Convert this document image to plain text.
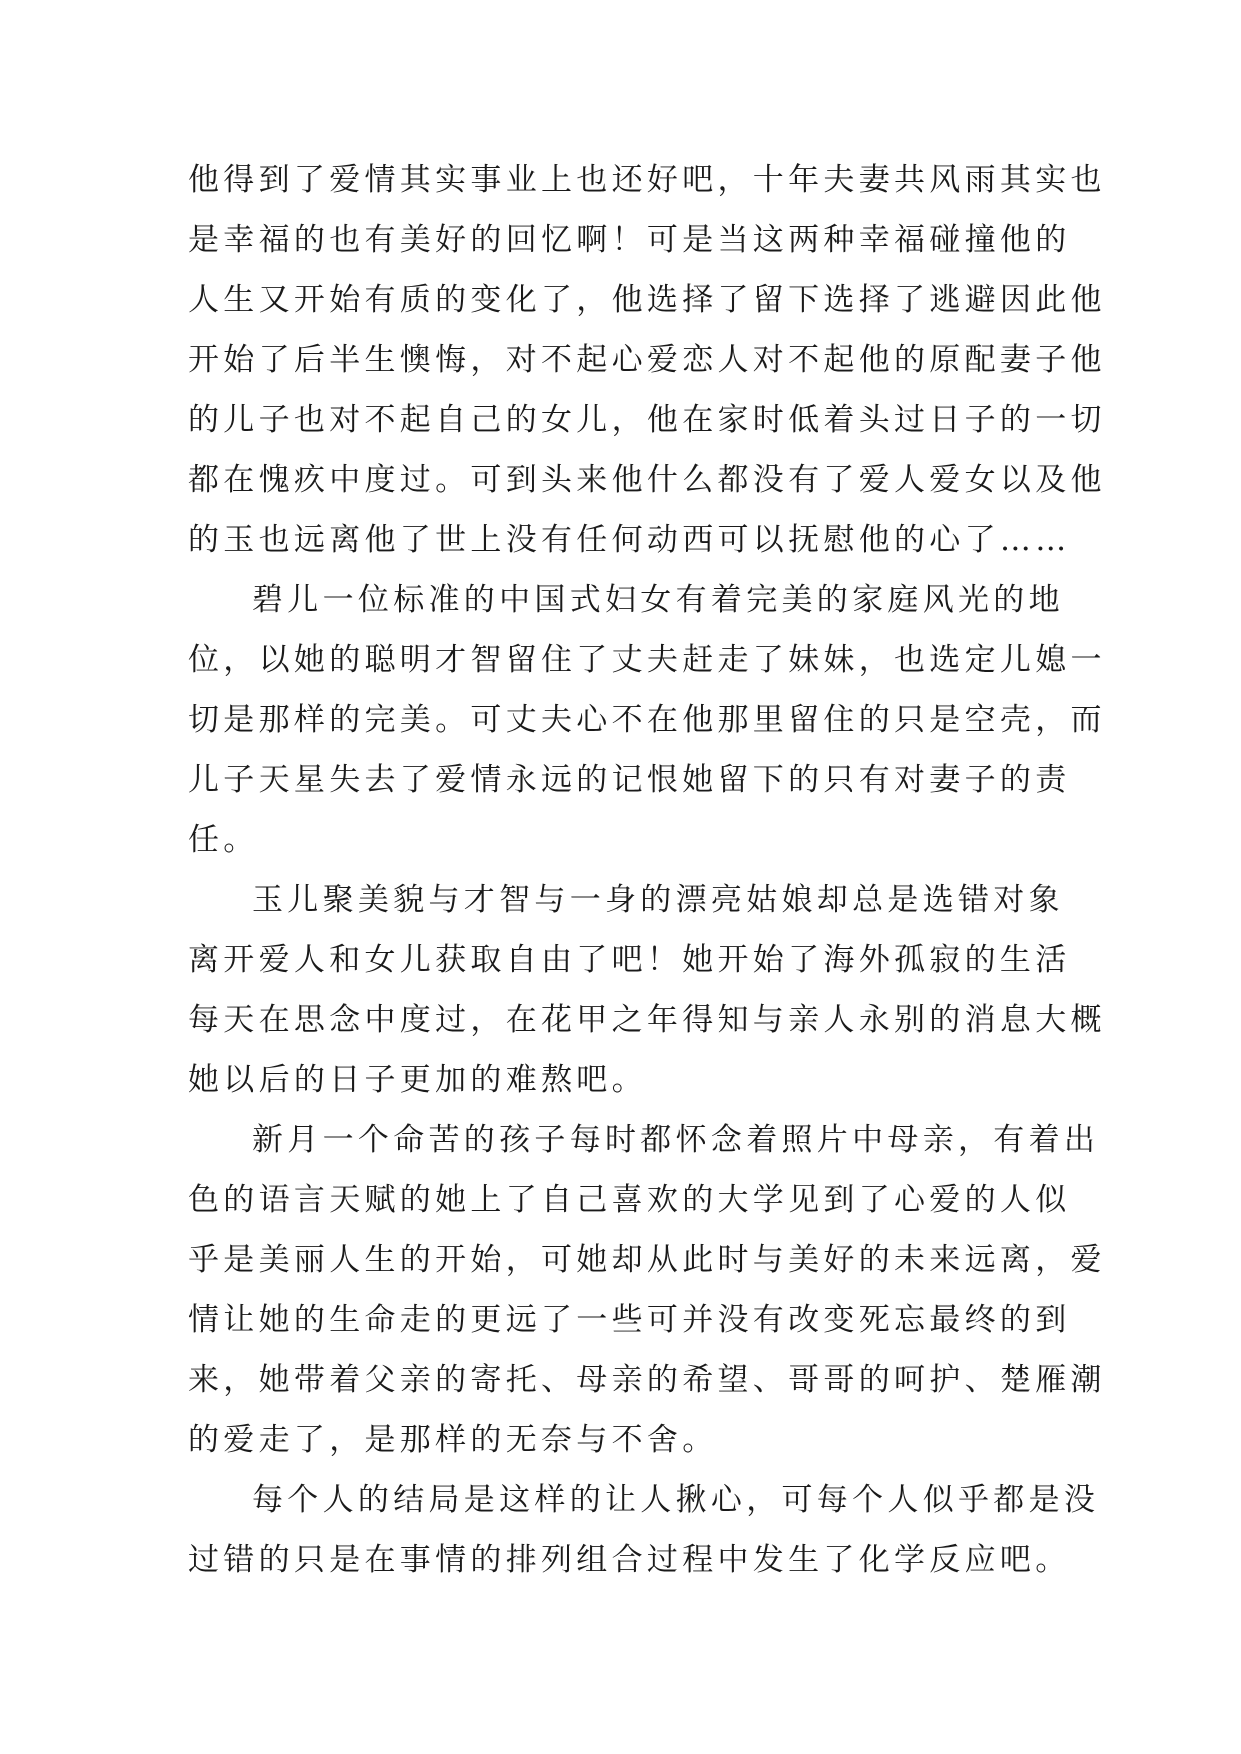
他得到了爱情其实事业上也还好吧，十年夫妻共风雨其实也
是幸福的也有美好的回忆啊！可是当这两种幸福碰撞他的
人生又开始有质的变化了，他选择了留下选择了逃避因此他
开始了后半生懊悔，对不起心爱恋人对不起他的原配妻子他
的儿子也对不起自己的女儿，他在家时低着头过日子的一切
都在愧疚中度过。可到头来他什么都没有了爱人爱女以及他
的玉也远离他了世上没有任何动西可以抚慰他的心了……
碧儿一位标准的中国式妇女有着完美的家庭风光的地
位，以她的聪明才智留住了丈夫赶走了妹妹，也选定儿媳一
切是那样的完美。可丈夫心不在他那里留住的只是空壳，而
儿子天星失去了爱情永远的记恨她留下的只有对妻子的责
任。
玉儿聚美貌与才智与一身的漂亮姑娘却总是选错对象
离开爱人和女儿获取自由了吧！她开始了海外孤寂的生活
每天在思念中度过，在花甲之年得知与亲人永别的消息大概
她以后的日子更加的难熬吧。
新月一个命苦的孩子每时都怀念着照片中母亲，有着出
色的语言天赋的她上了自己喜欢的大学见到了心爱的人似
乎是美丽人生的开始，可她却从此时与美好的未来远离，爱
情让她的生命走的更远了一些可并没有改变死忘最终的到
来，她带着父亲的寄托、母亲的希望、哥哥的呵护、楚雁潮
的爱走了，是那样的无奈与不舍。
每个人的结局是这样的让人揪心，可每个人似乎都是没
过错的只是在事情的排列组合过程中发生了化学反应吧。
